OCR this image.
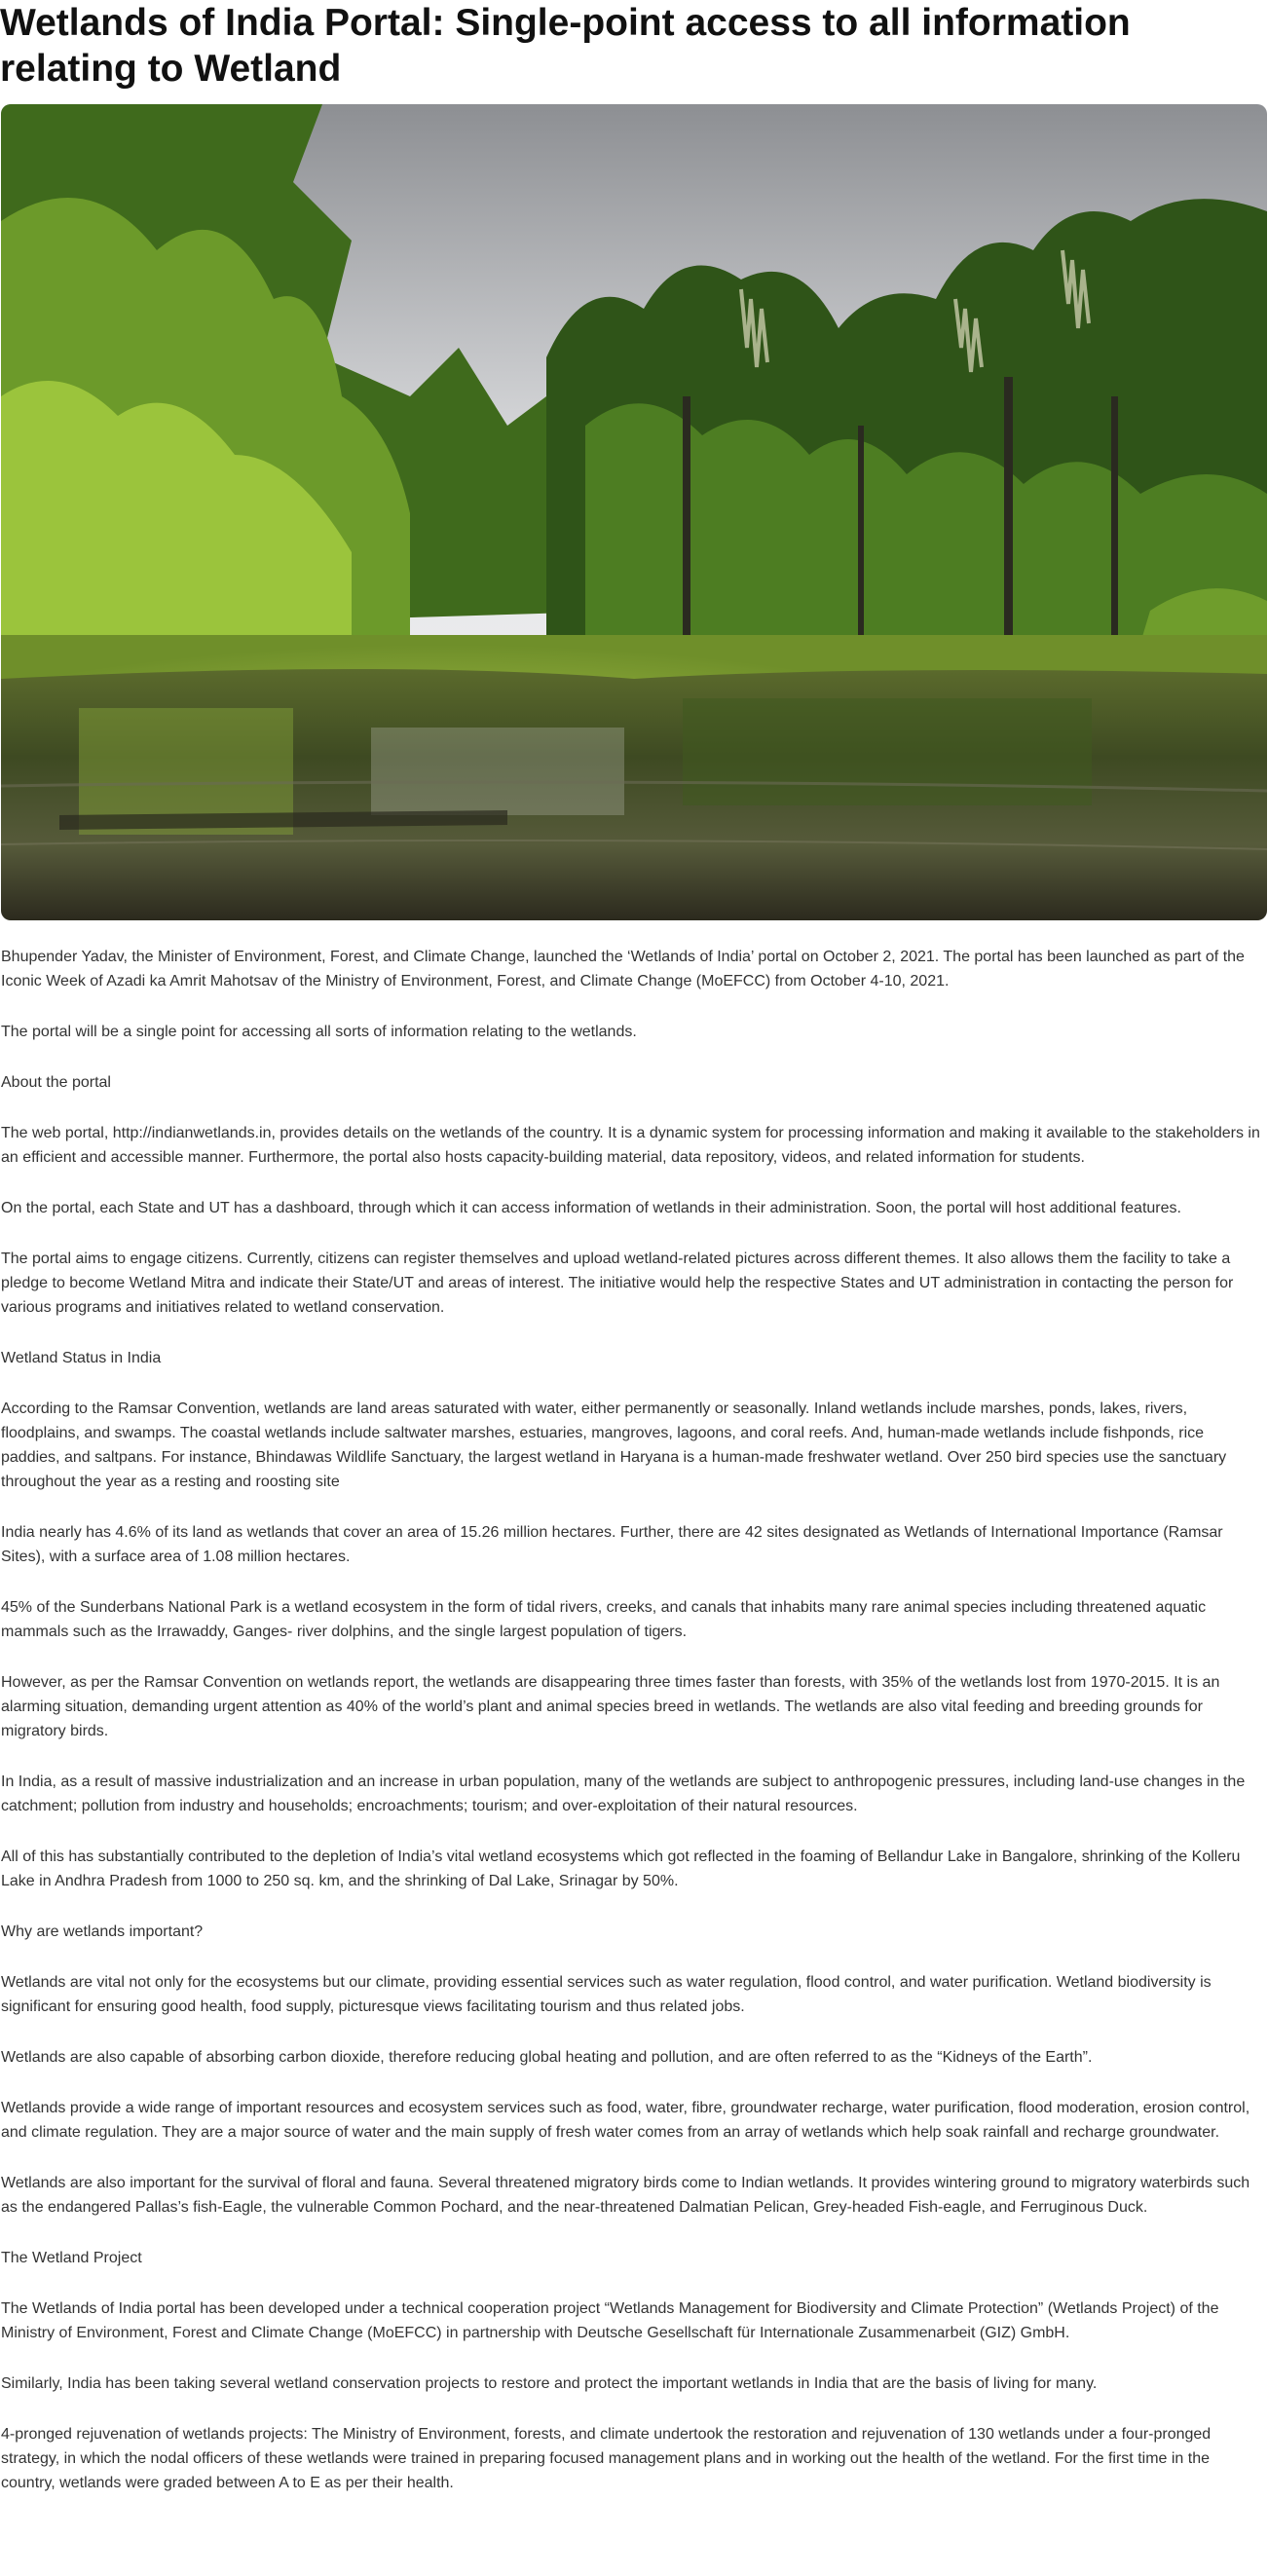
Wetlands of India Portal: Single-point access to all information relating to Wetland

Bhupender Yadav, the Minister of Environment, Forest, and Climate Change, launched the ‘Wetlands of India’ portal on October 2, 2021. The portal has been launched as part of the Iconic Week of Azadi ka Amrit Mahotsav of the Ministry of Environment, Forest, and Climate Change (MoEFCC) from October 4-10, 2021.

The portal will be a single point for accessing all sorts of information relating to the wetlands.

About the portal

The web portal, http://indianwetlands.in, provides details on the wetlands of the country. It is a dynamic system for processing information and making it available to the stakeholders in an efficient and accessible manner. Furthermore, the portal also hosts capacity-building material, data repository, videos, and related information for students.

On the portal, each State and UT has a dashboard, through which it can access information of wetlands in their administration. Soon, the portal will host additional features.

The portal aims to engage citizens. Currently, citizens can register themselves and upload wetland-related pictures across different themes. It also allows them the facility to take a pledge to become Wetland Mitra and indicate their State/UT and areas of interest. The initiative would help the respective States and UT administration in contacting the person for various programs and initiatives related to wetland conservation.

Wetland Status in India

According to the Ramsar Convention, wetlands are land areas saturated with water, either permanently or seasonally. Inland wetlands include marshes, ponds, lakes, rivers, floodplains, and swamps. The coastal wetlands include saltwater marshes, estuaries, mangroves, lagoons, and coral reefs. And, human-made wetlands include fishponds, rice paddies, and saltpans. For instance, Bhindawas Wildlife Sanctuary, the largest wetland in Haryana is a human-made freshwater wetland. Over 250 bird species use the sanctuary throughout the year as a resting and roosting site

India nearly has 4.6% of its land as wetlands that cover an area of 15.26 million hectares. Further, there are 42 sites designated as Wetlands of International Importance (Ramsar Sites), with a surface area of 1.08 million hectares.

45% of the Sunderbans National Park is a wetland ecosystem in the form of tidal rivers, creeks, and canals that inhabits many rare animal species including threatened aquatic mammals such as the Irrawaddy, Ganges- river dolphins, and the single largest population of tigers.

However, as per the Ramsar Convention on wetlands report, the wetlands are disappearing three times faster than forests, with 35% of the wetlands lost from 1970-2015. It is an alarming situation, demanding urgent attention as 40% of the world’s plant and animal species breed in wetlands. The wetlands are also vital feeding and breeding grounds for migratory birds.

In India, as a result of massive industrialization and an increase in urban population, many of the wetlands are subject to anthropogenic pressures, including land-use changes in the catchment; pollution from industry and households; encroachments; tourism; and over-exploitation of their natural resources.

All of this has substantially contributed to the depletion of India’s vital wetland ecosystems which got reflected in the foaming of Bellandur Lake in Bangalore, shrinking of the Kolleru Lake in Andhra Pradesh from 1000 to 250 sq. km, and the shrinking of Dal Lake, Srinagar by 50%.

Why are wetlands important?

Wetlands are vital not only for the ecosystems but our climate, providing essential services such as water regulation, flood control, and water purification. Wetland biodiversity is significant for ensuring good health, food supply, picturesque views facilitating tourism and thus related jobs.

Wetlands are also capable of absorbing carbon dioxide, therefore reducing global heating and pollution, and are often referred to as the “Kidneys of the Earth”.

Wetlands provide a wide range of important resources and ecosystem services such as food, water, fibre, groundwater recharge, water purification, flood moderation, erosion control, and climate regulation. They are a major source of water and the main supply of fresh water comes from an array of wetlands which help soak rainfall and recharge groundwater.

Wetlands are also important for the survival of floral and fauna. Several threatened migratory birds come to Indian wetlands. It provides wintering ground to migratory waterbirds such as the endangered Pallas’s fish-Eagle, the vulnerable Common Pochard, and the near-threatened Dalmatian Pelican, Grey-headed Fish-eagle, and Ferruginous Duck.

The Wetland Project

The Wetlands of India portal has been developed under a technical cooperation project “Wetlands Management for Biodiversity and Climate Protection” (Wetlands Project) of the Ministry of Environment, Forest and Climate Change (MoEFCC) in partnership with Deutsche Gesellschaft für Internationale Zusammenarbeit (GIZ) GmbH.

Similarly, India has been taking several wetland conservation projects to restore and protect the important wetlands in India that are the basis of living for many.

4-pronged rejuvenation of wetlands projects: The Ministry of Environment, forests, and climate undertook the restoration and rejuvenation of 130 wetlands under a four-pronged strategy, in which the nodal officers of these wetlands were trained in preparing focused management plans and in working out the health of the wetland. For the first time in the country, wetlands were graded between A to E as per their health.
